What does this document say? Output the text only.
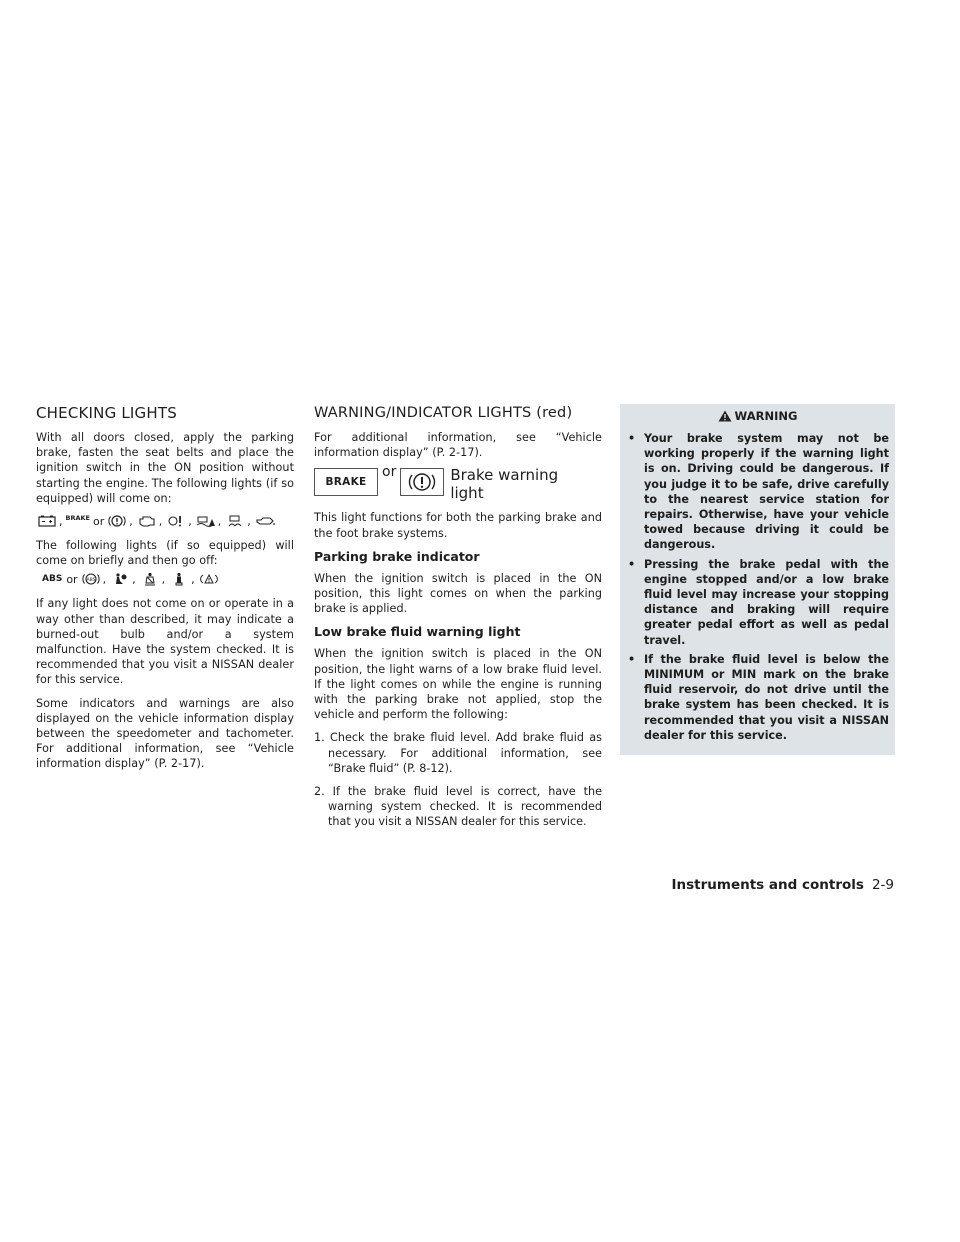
CHECKING LIGHTS

With all doors closed, apply the parking brake, fasten the seat belts and place the ignition switch in the ON position without starting the engine. The following lights (if so equipped) will come on:

, BRAKE or , , , , ,

The following lights (if so equipped) will come on briefly and then go off:

ABS or ABS , , , ,

If any light does not come on or operate in a way other than described, it may indicate a burned-out bulb and/or a system malfunction. Have the system checked. It is recommended that you visit a NISSAN dealer for this service.

Some indicators and warnings are also displayed on the vehicle information display between the speedometer and tachometer. For additional information, see “Vehicle information display” (P. 2-17).

WARNING/INDICATOR LIGHTS (red)

For additional information, see “Vehicle information display” (P. 2-17).

BRAKE
or	Brake warning light

This light functions for both the parking brake and the foot brake systems.

Parking brake indicator

When the ignition switch is placed in the ON position, this light comes on when the parking brake is applied.

Low brake fluid warning light

When the ignition switch is placed in the ON position, the light warns of a low brake fluid level. If the light comes on while the engine is running with the parking brake not applied, stop the vehicle and perform the following:

1. Check the brake fluid level. Add brake fluid as necessary. For additional information, see “Brake fluid” (P. 8-12).
2. If the brake fluid level is correct, have the warning system checked. It is recommended that you visit a NISSAN dealer for this service.
WARNING
• Your brake system may not be working properly if the warning light is on. Driving could be dangerous. If you judge it to be safe, drive carefully to the nearest service station for repairs. Otherwise, have your vehicle towed because driving it could be dangerous.
• Pressing the brake pedal with the engine stopped and/or a low brake fluid level may increase your stopping distance and braking will require greater pedal effort as well as pedal travel.
• If the brake fluid level is below the MINIMUM or MIN mark on the brake fluid reservoir, do not drive until the brake system has been checked. It is recommended that you visit a NISSAN dealer for this service.
Instruments and controls 2-9
